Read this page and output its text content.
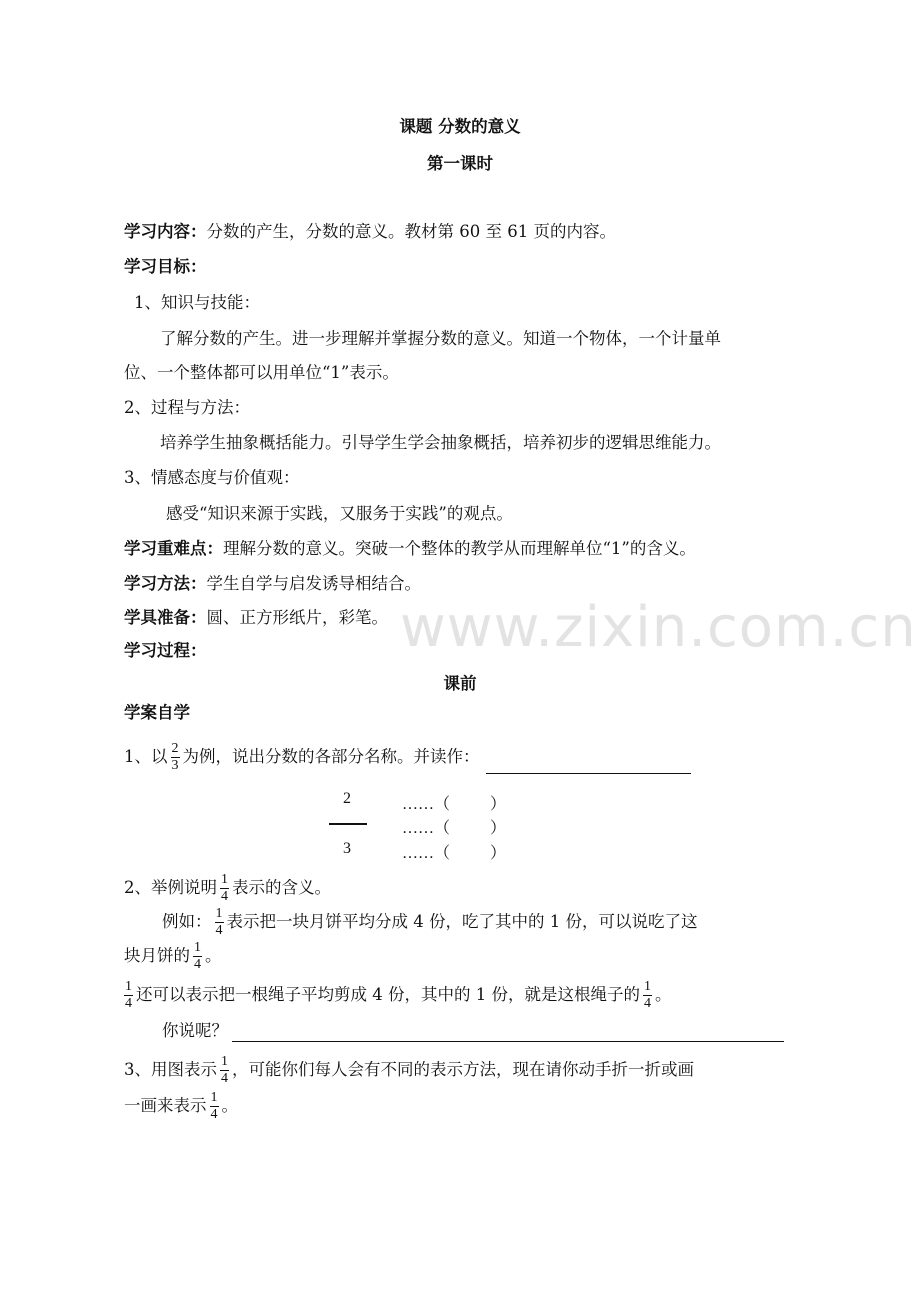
课题 分数的意义
第一课时
学习内容：分数的产生，分数的意义。教材第 60 至 61 页的内容。
学习目标：
1、知识与技能：
了解分数的产生。进一步理解并掌握分数的意义。知道一个物体，一个计量单
位、一个整体都可以用单位“1”表示。
2、过程与方法：
培养学生抽象概括能力。引导学生学会抽象概括，培养初步的逻辑思维能力。
3、情感态度与价值观：
感受“知识来源于实践，又服务于实践”的观点。
学习重难点：理解分数的意义。突破一个整体的教学从而理解单位“1”的含义。
学习方法：学生自学与启发诱导相结合。
学具准备：圆、正方形纸片，彩笔。
学习过程：
课前
学案自学
1、以 $\frac{2}{3}$ 为例，说出分数的各部分名称。并读作：
2
3
……（          ）
……（          ）
……（          ）
2、举例说明 $\frac{1}{4}$ 表示的含义。
例如： $\frac{1}{4}$ 表示把一块月饼平均分成 4 份，吃了其中的 1 份，可以说吃了这
块月饼的 $\frac{1}{4}$ 。
$\frac{1}{4}$ 还可以表示把一根绳子平均剪成 4 份，其中的 1 份，就是这根绳子的 $\frac{1}{4}$ 。
你说呢？
3、用图表示 $\frac{1}{4}$ ，可能你们每人会有不同的表示方法，现在请你动手折一折或画
一画来表示 $\frac{1}{4}$ 。
www.zixin.com.cn
